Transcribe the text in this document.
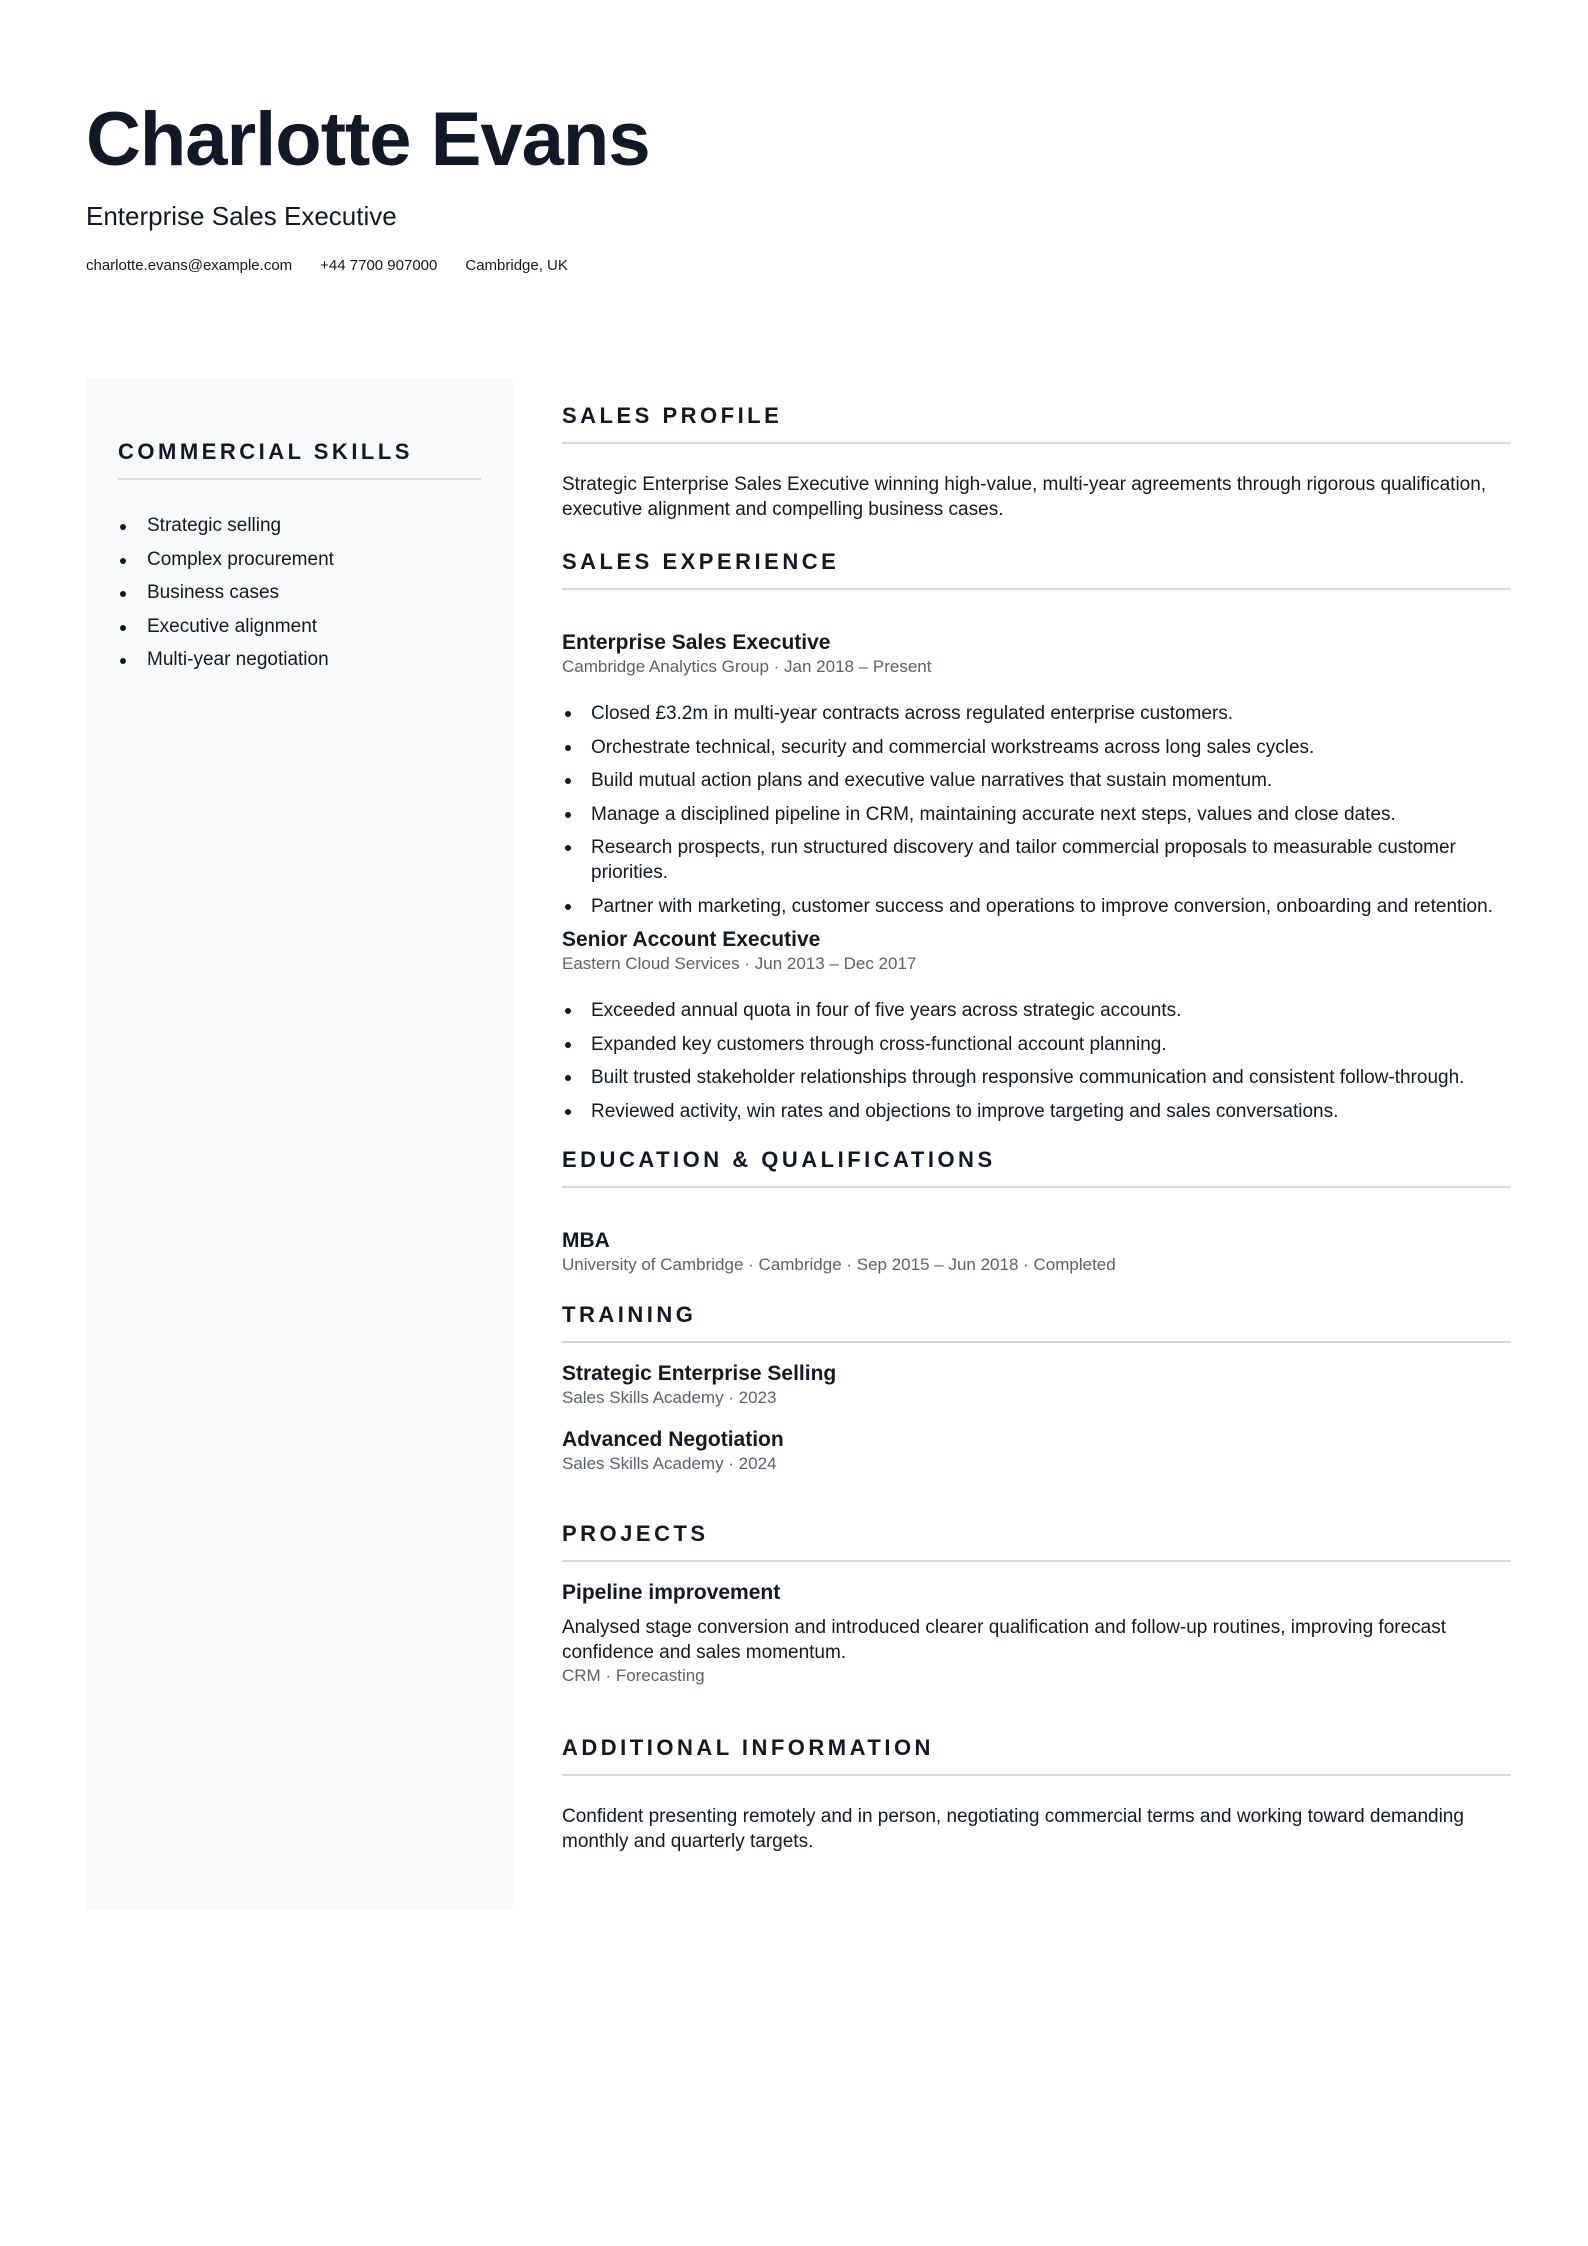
Charlotte Evans
Enterprise Sales Executive
charlotte.evans@example.com +44 7700 907000 Cambridge, UK
COMMERCIAL SKILLS
Strategic selling
Complex procurement
Business cases
Executive alignment
Multi-year negotiation
SALES PROFILE

Strategic Enterprise Sales Executive winning high-value, multi-year agreements through rigorous qualification, executive alignment and compelling business cases.

SALES EXPERIENCE
Enterprise Sales Executive
Cambridge Analytics Group · Jan 2018 – Present
Closed £3.2m in multi-year contracts across regulated enterprise customers.
Orchestrate technical, security and commercial workstreams across long sales cycles.
Build mutual action plans and executive value narratives that sustain momentum.
Manage a disciplined pipeline in CRM, maintaining accurate next steps, values and close dates.
Research prospects, run structured discovery and tailor commercial proposals to measurable customer priorities.
Partner with marketing, customer success and operations to improve conversion, onboarding and retention.
Senior Account Executive
Eastern Cloud Services · Jun 2013 – Dec 2017
Exceeded annual quota in four of five years across strategic accounts.
Expanded key customers through cross-functional account planning.
Built trusted stakeholder relationships through responsive communication and consistent follow-through.
Reviewed activity, win rates and objections to improve targeting and sales conversations.
EDUCATION & QUALIFICATIONS
MBA
University of Cambridge · Cambridge · Sep 2015 – Jun 2018 · Completed
TRAINING
Strategic Enterprise Selling
Sales Skills Academy · 2023
Advanced Negotiation
Sales Skills Academy · 2024
PROJECTS
Pipeline improvement

Analysed stage conversion and introduced clearer qualification and follow-up routines, improving forecast confidence and sales momentum.

CRM · Forecasting
ADDITIONAL INFORMATION

Confident presenting remotely and in person, negotiating commercial terms and working toward demanding monthly and quarterly targets.
